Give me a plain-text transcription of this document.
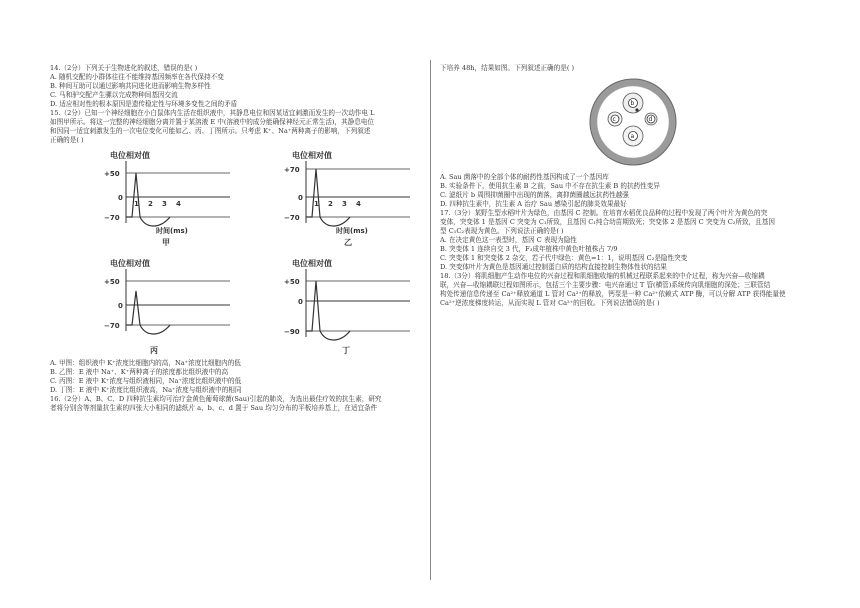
14.（2分）下列关于生物进化的叙述，错误的是( )

A. 随机交配的小群体往往不能维持基因频率在各代保持不变

B. 种间互助可以通过影响共同进化进而影响生物多样性

C. 马和驴交配产生骡以完成物种间基因交流

D. 适应相对性的根本原因是遗传稳定性与环境多变性之间的矛盾

15.（2分）已知一个神经细胞在小白鼠体内生活在组织液中，其静息电位和因某适宜刺激而发生的一次动作电 L

如图甲所示。将这一完整的神经细胞分离并置于某溶液 E 中(溶液中的成分能确保神经元正常生活)，其静息电位

和因同一适宜刺激发生的一次电位变化可能如乙、丙、丁图所示。只考虑 K⁺、Na⁺两种离子的影响，下列叙述

正确的是( )

电位相对值
+50
0
−70
1 2 3 4
时间(ms)
甲
电位相对值
+70
0
−70
1 2 3 4
时间(ms)
乙
电位相对值
+50
0
−70
丙
电位相对值
+50
0
−90
丁

A. 甲图：组织液中 K⁺浓度比细胞内的高，Na⁺浓度比细胞内的低

B. 乙图：E 液中 Na⁺、K⁺两种离子的浓度都比组织液中的高

C. 丙图：E 液中 K⁺浓度与组织液相同，Na⁺浓度比组织液中的低

D. 丁图：E 液中 K⁺浓度比组织液高，Na⁺浓度与组织液中的相同

16.（2分）A、B、C、D 四种抗生素均可治疗金黄色葡萄球菌(Sau)引起的肺炎，为选出最佳疗效的抗生素，研究

者将分别含等剂量抗生素的四张大小相同的滤纸片 a、b、c、d 置于 Sau 均匀分布的平板培养基上，在适宜条件

下培养 48h，结果如图。下列叙述正确的是( )

b
a
c	d

A. Sau 菌落中的全部个体的耐药性基因构成了一个基因库

B. 实验条件下，使用抗生素 B 之前，Sau 中不存在抗生素 B 的抗药性变异

C. 滤纸片 b 周围抑菌圈中出现的菌落，离抑菌圈越远抗药性越强

D. 四种抗生素中，抗生素 A 治疗 Sau 感染引起的肺炎效果最好

17.（3分）某野生型水稻叶片为绿色，由基因 C 控制。在培育水稻优良品种的过程中发现了两个叶片为黄色的突

变体，突变体 1 是基因 C 突变为 C₁所致，且基因 C₁纯合幼苗期致死；突变体 2 是基因 C 突变为 C₂所致，且基因

型 C₁C₂表现为黄色。下列说法正确的是( )

A. 在决定黄色这一表型时，基因 C 表现为隐性

B. 突变体 1 连续自交 3 代，F₃成年植株中黄色叶植株占 7/9

C. 突变体 1 和突变体 2 杂交，若子代中绿色：黄色=1：1，说明基因 C₂是隐性突变

D. 突变体叶片为黄色是基因通过控制蛋白质的结构直接控制生物体性状的结果

18.（3分）将肌细胞产生动作电位的兴奋过程和肌细胞收缩的机械过程联系起来的中介过程，称为兴奋—收缩耦

联，兴奋—收缩耦联过程如图所示，包括三个主要步骤：电兴奋通过 T 管(横管)系统传向肌细胞的深处；三联管结

构处传递信息传递至 Ca²⁺释放通道 L 管对 Ca²⁺的释放，钙泵是一种 Ca²⁺依赖式 ATP 酶，可以分解 ATP 获得能量使

Ca²⁺逆浓度梯度转运，从而实现 L 管对 Ca²⁺的回收。下列说法错误的是( )
